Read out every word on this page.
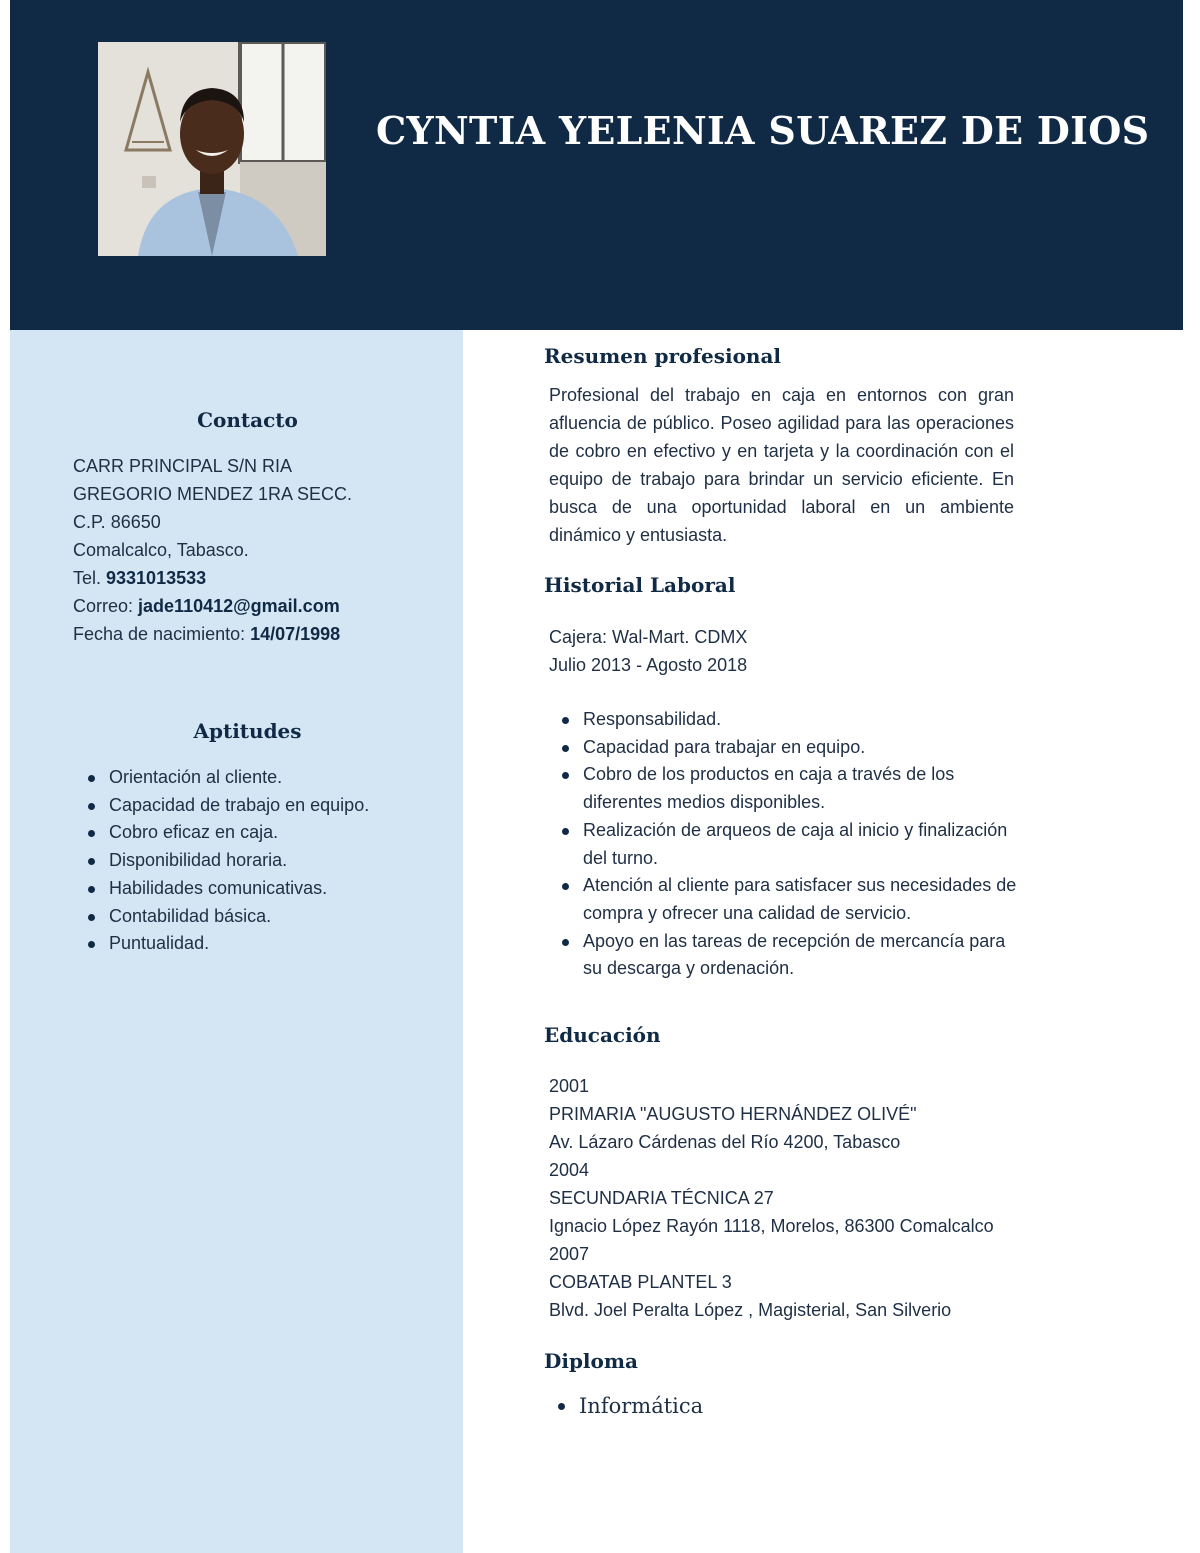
CYNTIA YELENIA SUAREZ DE DIOS
Contacto
CARR PRINCIPAL S/N RIA
GREGORIO MENDEZ 1RA SECC.
C.P. 86650
Comalcalco, Tabasco.
Tel. 9331013533
Correo: jade110412@gmail.com
Fecha de nacimiento: 14/07/1998
Aptitudes
Orientación al cliente.
Capacidad de trabajo en equipo.
Cobro eficaz en caja.
Disponibilidad horaria.
Habilidades comunicativas.
Contabilidad básica.
Puntualidad.
Resumen profesional

Profesional del trabajo en caja en entornos con gran afluencia de público. Poseo agilidad para las operaciones de cobro en efectivo y en tarjeta y la coordinación con el equipo de trabajo para brindar un servicio eficiente. En busca de una oportunidad laboral en un ambiente dinámico y entusiasta.

Historial Laboral
Cajera: Wal-Mart. CDMX
Julio 2013 - Agosto 2018
Responsabilidad.
Capacidad para trabajar en equipo.
Cobro de los productos en caja a través de los diferentes medios disponibles.
Realización de arqueos de caja al inicio y finalización del turno.
Atención al cliente para satisfacer sus necesidades de compra y ofrecer una calidad de servicio.
Apoyo en las tareas de recepción de mercancía para su descarga y ordenación.
Educación
2001
PRIMARIA "AUGUSTO HERNÁNDEZ OLIVÉ"
Av. Lázaro Cárdenas del Río 4200, Tabasco
2004
SECUNDARIA TÉCNICA 27
Ignacio López Rayón 1118, Morelos, 86300 Comalcalco
2007
COBATAB PLANTEL 3
Blvd. Joel Peralta López , Magisterial, San Silverio
Diploma
Informática
